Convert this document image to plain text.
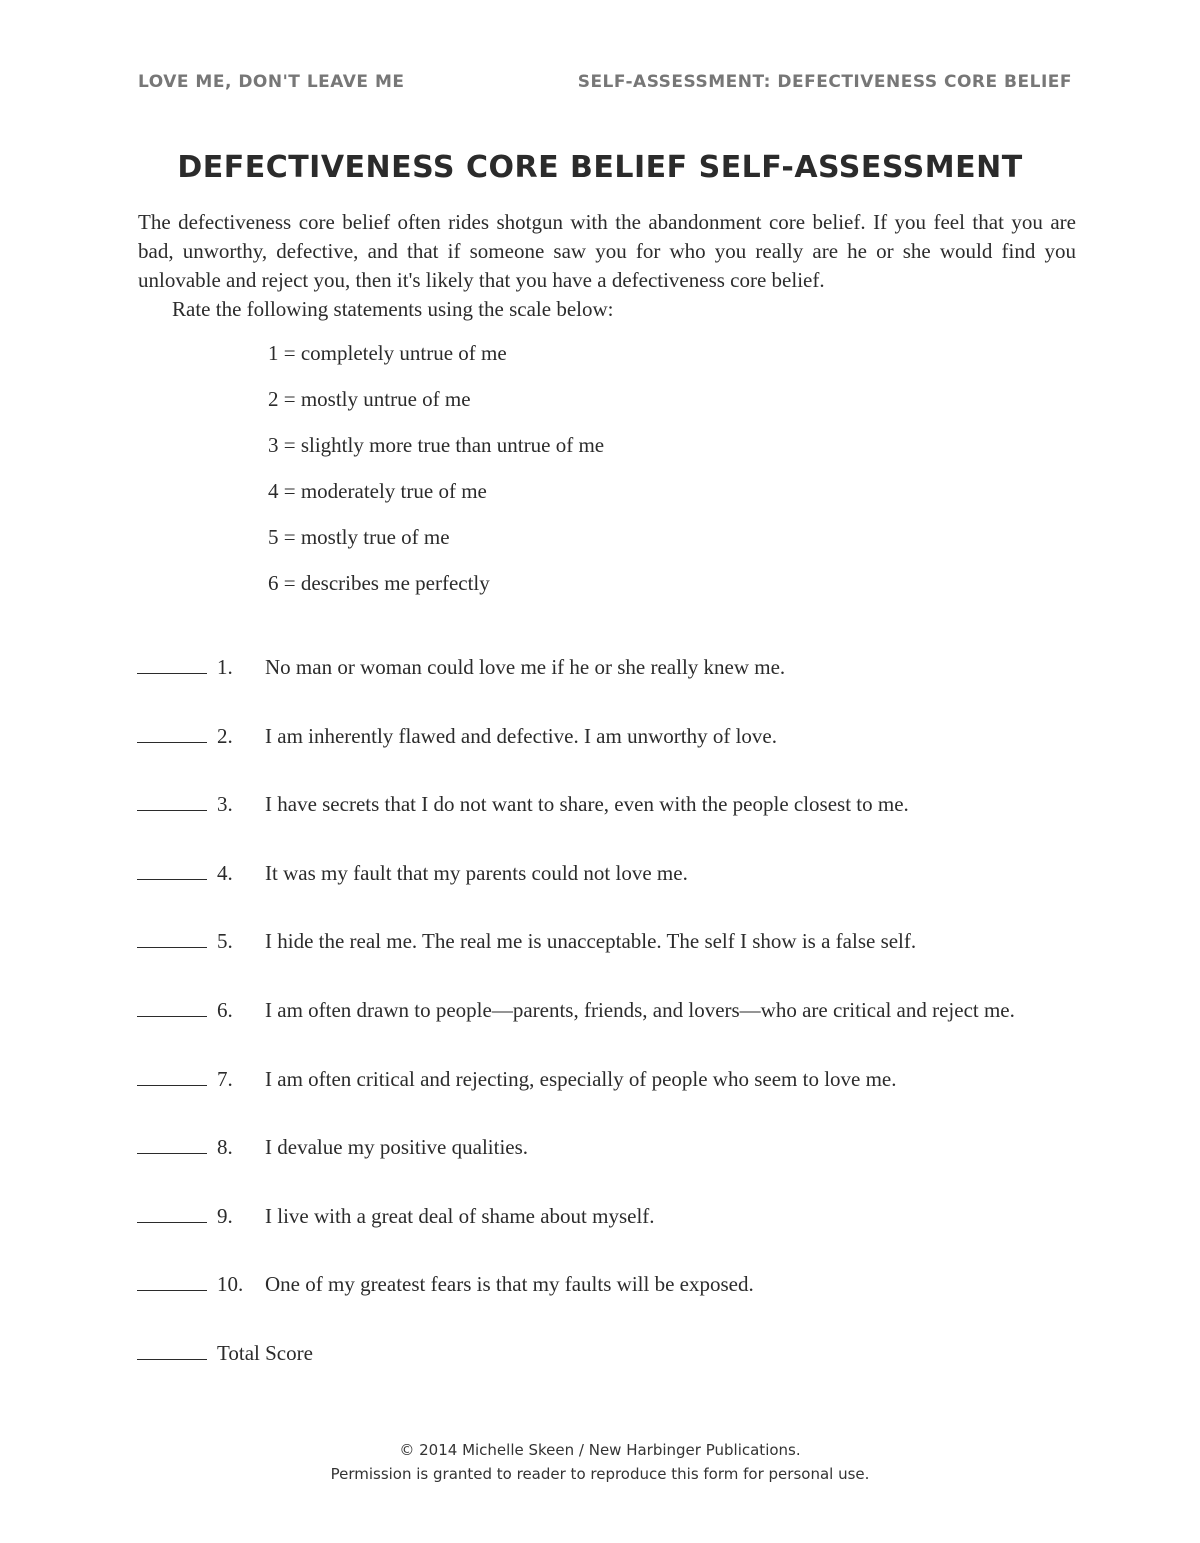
LOVE ME, DON'T LEAVE ME	SELF-ASSESSMENT: DEFECTIVENESS CORE BELIEF
DEFECTIVENESS CORE BELIEF SELF-ASSESSMENT

The defectiveness core belief often rides shotgun with the abandonment core belief. If you feel that you are bad, unworthy, defective, and that if someone saw you for who you really are he or she would find you unlovable and reject you, then it's likely that you have a defectiveness core belief.

Rate the following statements using the scale below:

1 = completely untrue of me
2 = mostly untrue of me
3 = slightly more true than untrue of me
4 = moderately true of me
5 = mostly true of me
6 = describes me perfectly
1. No man or woman could love me if he or she really knew me.
2. I am inherently flawed and defective. I am unworthy of love.
3. I have secrets that I do not want to share, even with the people closest to me.
4. It was my fault that my parents could not love me.
5. I hide the real me. The real me is unacceptable. The self I show is a false self.
6. I am often drawn to people—parents, friends, and lovers—who are critical and reject me.
7. I am often critical and rejecting, especially of people who seem to love me.
8. I devalue my positive qualities.
9. I live with a great deal of shame about myself.
10. One of my greatest fears is that my faults will be exposed.
Total Score
© 2014 Michelle Skeen / New Harbinger Publications.
Permission is granted to reader to reproduce this form for personal use.
